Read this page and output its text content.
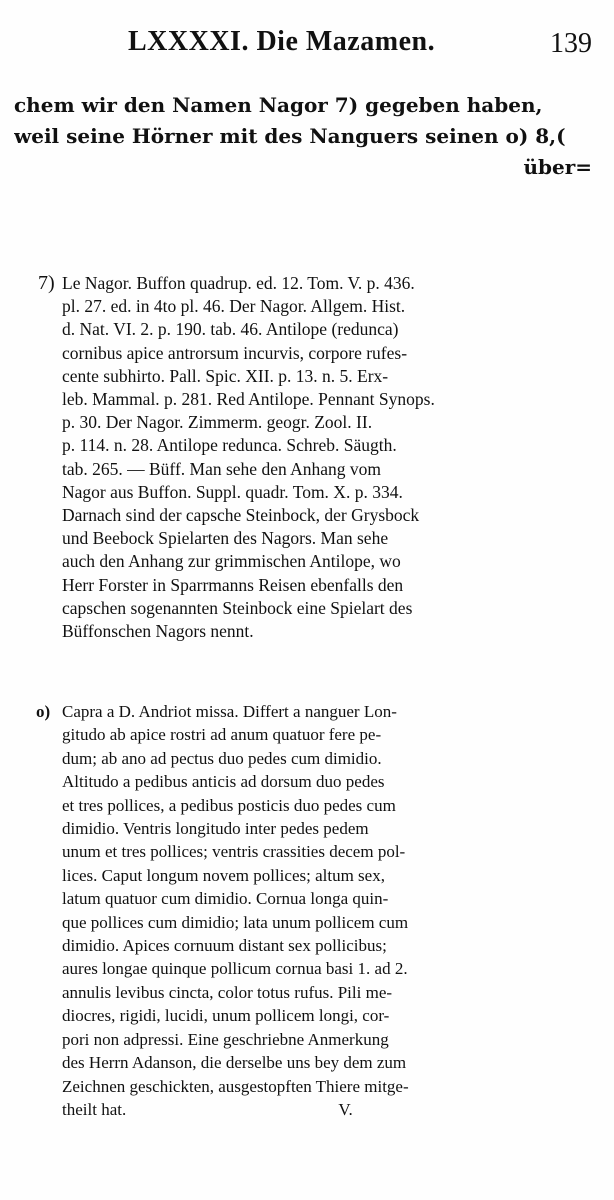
LXXXXI. Die Mazamen.	139
chem wir den Namen Nagor 7) gegeben haben,
weil seine Hörner mit des Nanguers seinen o) 8,(
über=
7) Le Nagor. Buffon quadrup. ed. 12. Tom. V. p. 436.
pl. 27. ed. in 4to pl. 46. Der Nagor. Allgem. Hist.
d. Nat. VI. 2. p. 190. tab. 46. Antilope (redunca)
cornibus apice antrorsum incurvis, corpore rufes-
cente subhirto. Pall. Spic. XII. p. 13. n. 5. Erx-
leb. Mammal. p. 281. Red Antilope. Pennant Synops.
p. 30. Der Nagor. Zimmerm. geogr. Zool. II.
p. 114. n. 28. Antilope redunca. Schreb. Säugth.
tab. 265. — Büff. Man sehe den Anhang vom
Nagor aus Buffon. Suppl. quadr. Tom. X. p. 334.
Darnach sind der capsche Steinbock, der Grysbock
und Beebock Spielarten des Nagors. Man sehe
auch den Anhang zur grimmischen Antilope, wo
Herr Forster in Sparrmanns Reisen ebenfalls den
capschen sogenannten Steinbock eine Spielart des
Büffonschen Nagors nennt.
o) Capra a D. Andriot missa. Differt a nanguer Lon-
gitudo ab apice rostri ad anum quatuor fere pe-
dum; ab ano ad pectus duo pedes cum dimidio.
Altitudo a pedibus anticis ad dorsum duo pedes
et tres pollices, a pedibus posticis duo pedes cum
dimidio. Ventris longitudo inter pedes pedem
unum et tres pollices; ventris crassities decem pol-
lices. Caput longum novem pollices; altum sex,
latum quatuor cum dimidio. Cornua longa quin-
que pollices cum dimidio; lata unum pollicem cum
dimidio. Apices cornuum distant sex pollicibus;
aures longae quinque pollicum cornua basi 1. ad 2.
annulis levibus cincta, color totus rufus. Pili me-
diocres, rigidi, lucidi, unum pollicem longi, cor-
pori non adpressi. Eine geschriebne Anmerkung
des Herrn Adanson, die derselbe uns bey dem zum
Zeichnen geschickten, ausgestopften Thiere mitge-
theilt hat.                                                  V.
